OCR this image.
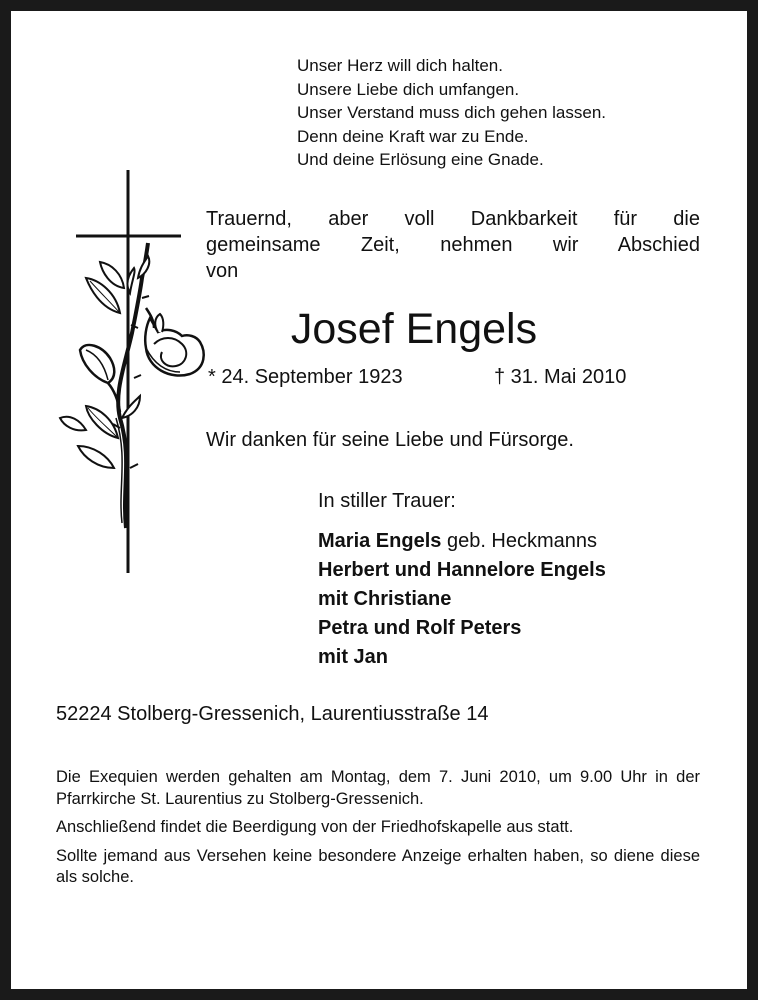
Unser Herz will dich halten.
Unsere Liebe dich umfangen.
Unser Verstand muss dich gehen lassen.
Denn deine Kraft war zu Ende.
Und deine Erlösung eine Gnade.
Trauernd, aber voll Dankbarkeit für die
gemeinsame Zeit, nehmen wir Abschied
von
Josef Engels
* 24. September 1923	† 31. Mai 2010
Wir danken für seine Liebe und Fürsorge.
In stiller Trauer:
Maria Engels geb. Heckmanns
Herbert und Hannelore Engels
mit Christiane
Petra und Rolf Peters
mit Jan
52224 Stolberg-Gressenich, Laurentiusstraße 14

Die Exequien werden gehalten am Montag, dem 7. Juni 2010, um 9.00 Uhr in der Pfarrkirche St. Laurentius zu Stolberg-Gressenich.

Anschließend findet die Beerdigung von der Friedhofskapelle aus statt.

Sollte jemand aus Versehen keine besondere Anzeige erhalten haben, so diene diese als solche.
